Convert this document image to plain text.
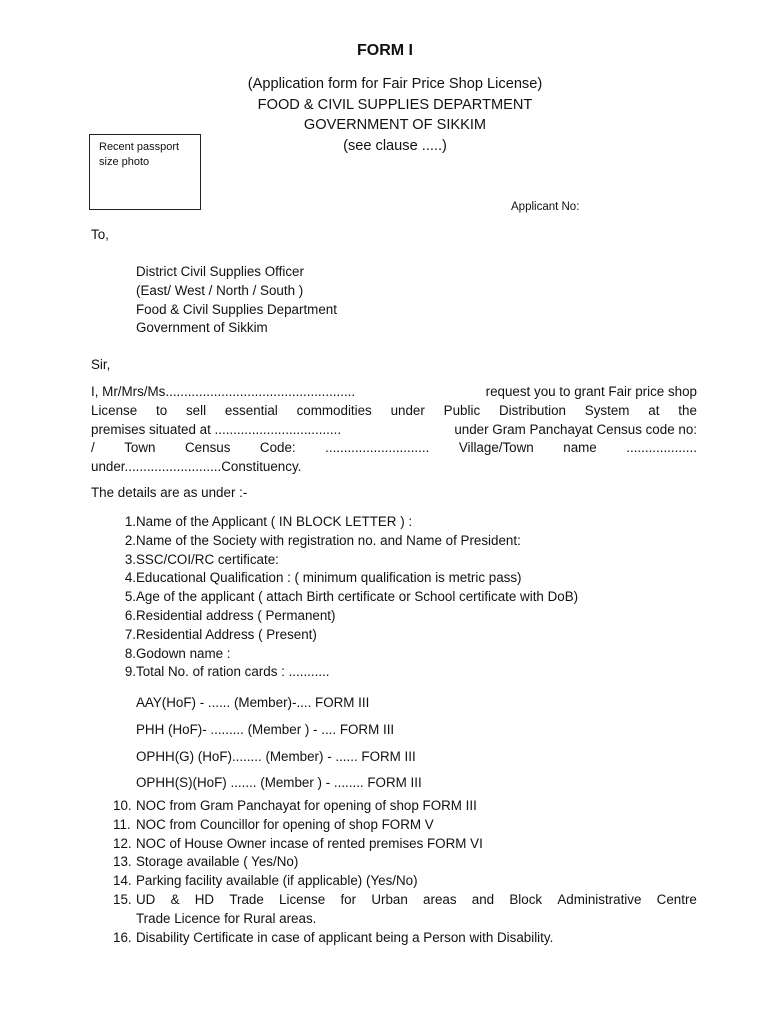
FORM I
(Application form for Fair Price Shop License)
FOOD & CIVIL SUPPLIES DEPARTMENT
GOVERNMENT OF SIKKIM
(see clause .....)
Recent passport
size photo
Applicant No:
To,
District Civil Supplies Officer
(East/ West / North / South )
Food & Civil Supplies Department
Government of Sikkim
Sir,
I, Mr/Mrs/Ms...................................................	request you to grant Fair price shop
License to sell essential commodities under Public Distribution System at the
premises situated at ..................................	under Gram Panchayat Census code no:
/ Town Census Code: ............................ Village/Town name ...................
under..........................Constituency.
The details are as under :-
1. Name of the Applicant ( IN BLOCK LETTER ) :
2. Name of the Society with registration no. and Name of President:
3. SSC/COI/RC certificate:
4. Educational Qualification : ( minimum qualification is metric pass)
5. Age of the applicant ( attach Birth certificate or School certificate with DoB)
6. Residential address ( Permanent)
7. Residential Address ( Present)
8. Godown name :
9. Total No. of ration cards : ...........
AAY(HoF) - ...... (Member)-.... FORM III
PHH (HoF)- ......... (Member ) - .... FORM III
OPHH(G) (HoF)........ (Member) - ...... FORM III
OPHH(S)(HoF) ....... (Member ) - ........ FORM III
10. NOC from Gram Panchayat for opening of shop FORM III
11. NOC from Councillor for opening of shop FORM V
12. NOC of House Owner incase of rented premises FORM VI
13. Storage available ( Yes/No)
14. Parking facility available (if applicable) (Yes/No)
15. UD & HD Trade License for Urban areas and Block Administrative Centre
Trade Licence for Rural areas.
16. Disability Certificate in case of applicant being a Person with Disability.
